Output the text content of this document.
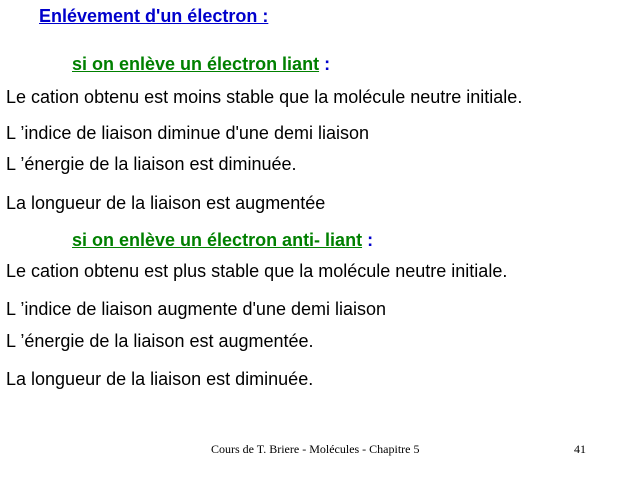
Enlévement d'un électron :
si on enlève un électron liant :
Le cation obtenu est moins stable que la molécule neutre initiale.
L ’indice de liaison diminue d'une demi liaison
L ’énergie de la liaison est diminuée.
La longueur de la liaison est augmentée
si on enlève un électron anti- liant :
Le cation obtenu est plus stable que la molécule neutre initiale.
L ’indice de liaison augmente d'une demi liaison
L ’énergie de la liaison est augmentée.
La longueur de la liaison est diminuée.
Cours de T. Briere - Molécules - Chapitre 5	41
